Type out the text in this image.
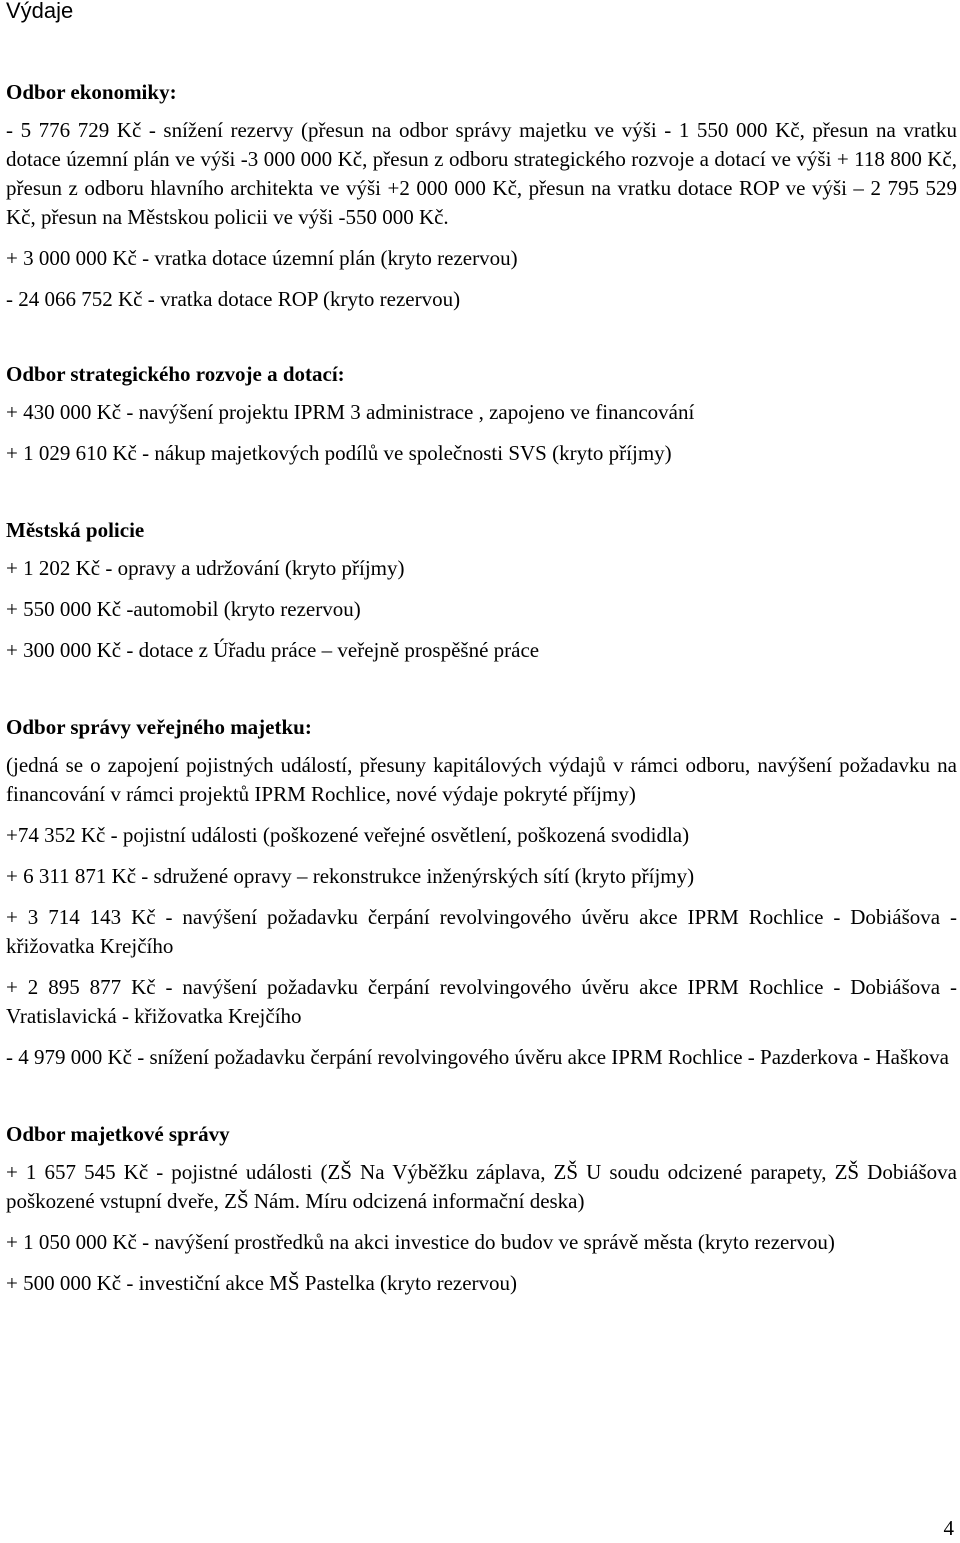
Výdaje
Odbor ekonomiky:

- 5 776 729 Kč - snížení rezervy (přesun na odbor správy majetku ve výši - 1 550 000 Kč, přesun na vratku dotace územní plán ve výši -3 000 000 Kč, přesun z odboru strategického rozvoje a dotací ve výši + 118 800 Kč, přesun z odboru hlavního architekta ve výši +2 000 000 Kč, přesun na vratku dotace ROP ve výši – 2 795 529 Kč, přesun na Městskou policii ve výši -550 000 Kč.

+ 3 000 000 Kč - vratka dotace územní plán (kryto rezervou)

- 24 066 752 Kč - vratka dotace ROP (kryto rezervou)

Odbor strategického rozvoje a dotací:

+ 430 000 Kč - navýšení projektu IPRM 3 administrace , zapojeno ve financování

+ 1 029 610 Kč - nákup majetkových podílů ve společnosti SVS (kryto příjmy)

Městská policie

+ 1 202 Kč - opravy a udržování (kryto příjmy)

+ 550 000 Kč -automobil (kryto rezervou)

+ 300 000 Kč - dotace z Úřadu práce – veřejně prospěšné práce

Odbor správy veřejného majetku:

(jedná se o zapojení pojistných událostí, přesuny kapitálových výdajů v rámci odboru, navýšení požadavku na financování v rámci projektů IPRM Rochlice, nové výdaje pokryté příjmy)

+74 352 Kč - pojistní události (poškozené veřejné osvětlení, poškozená svodidla)

+ 6 311 871 Kč - sdružené opravy – rekonstrukce inženýrských sítí (kryto příjmy)

+ 3 714 143 Kč - navýšení požadavku čerpání revolvingového úvěru akce IPRM Rochlice - Dobiášova - křižovatka Krejčího

+ 2 895 877 Kč - navýšení požadavku čerpání revolvingového úvěru akce IPRM Rochlice - Dobiášova - Vratislavická - křižovatka Krejčího

- 4 979 000 Kč - snížení požadavku čerpání revolvingového úvěru akce IPRM Rochlice - Pazderkova - Haškova

Odbor majetkové správy

+ 1 657 545 Kč - pojistné události (ZŠ Na Výběžku záplava, ZŠ U soudu odcizené parapety, ZŠ Dobiášova poškozené vstupní dveře, ZŠ Nám. Míru odcizená informační deska)

+ 1 050 000 Kč - navýšení prostředků na akci investice do budov ve správě města (kryto rezervou)

+ 500 000 Kč - investiční akce MŠ Pastelka (kryto rezervou)

4
